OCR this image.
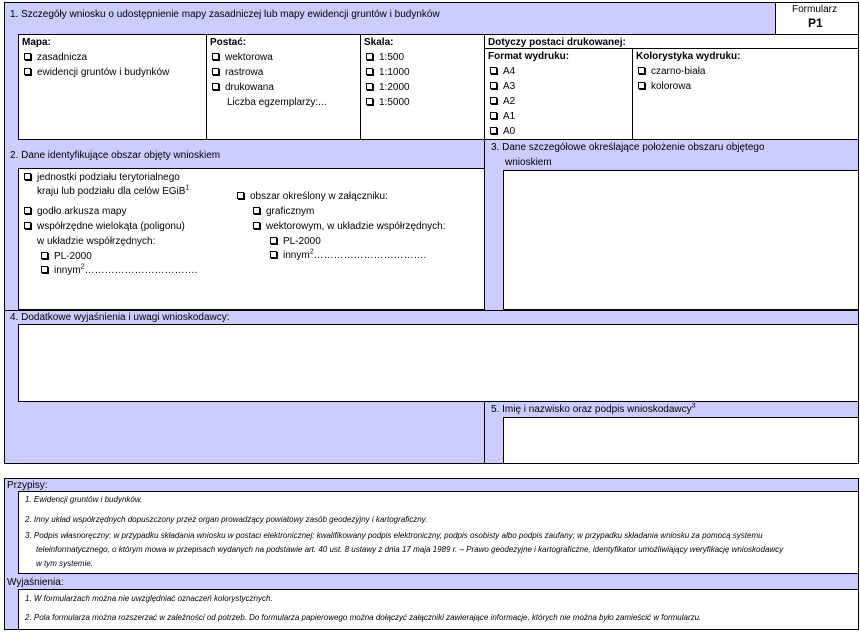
1. Szczegóły wniosku o udostępnienie mapy zasadniczej lub mapy ewidencji gruntów i budynków	Formularz
P1
Mapa:
zasadnicza
ewidencji gruntów i budynków
Postać:
wektorowa
rastrowa
drukowana
Liczba egzemplarzy:...
Skala:
1:500
1:1000
1:2000
1:5000
Dotyczy postaci drukowanej:
Format wydruku:
A4
A3
A2
A1
A0
Kolorystyka wydruku:
czarno-biała
kolorowa
2. Dane identyfikujące obszar objęty wnioskiem
3. Dane szczegółowe określające położenie obszaru objętego
wnioskiem
jednostki podziału terytorialnego
kraju lub podziału dla celów EGiB$^1$
godło arkusza mapy
współrzędne wielokąta (poligonu)
w układzie współrzędnych:
PL-2000
innym$^2$…………………………….
obszar określony w załączniku:
graficznym
wektorowym, w układzie współrzędnych:
PL-2000
innym$^2$…………………………….
4. Dodatkowe wyjaśnienia i uwagi wnioskodawcy:
5. Imię i nazwisko oraz podpis wnioskodawcy$^3$
Przypisy:
1. Ewidencji gruntów i budynków.
2. Inny układ współrzędnych dopuszczony przez organ prowadzący powiatowy zasób geodezyjny i kartograficzny.
3. Podpis własnoręczny; w przypadku składania wniosku w postaci elektronicznej: kwalifikowany podpis elektroniczny, podpis osobisty albo podpis zaufany; w przypadku składania wniosku za pomocą systemu
teleinformatycznego, o którym mowa w przepisach wydanych na podstawie art. 40 ust. 8 ustawy z dnia 17 maja 1989 r. – Prawo geodezyjne i kartograficzne, identyfikator umożliwiający weryfikację wnioskodawcy
w tym systemie.
Wyjaśnienia:
1. W formularzach można nie uwzględniać oznaczeń kolorystycznych.
2. Pola formularza można rozszerzać w zależności od potrzeb. Do formularza papierowego można dołączyć załączniki zawierające informacje, których nie można było zamieścić w formularzu.
